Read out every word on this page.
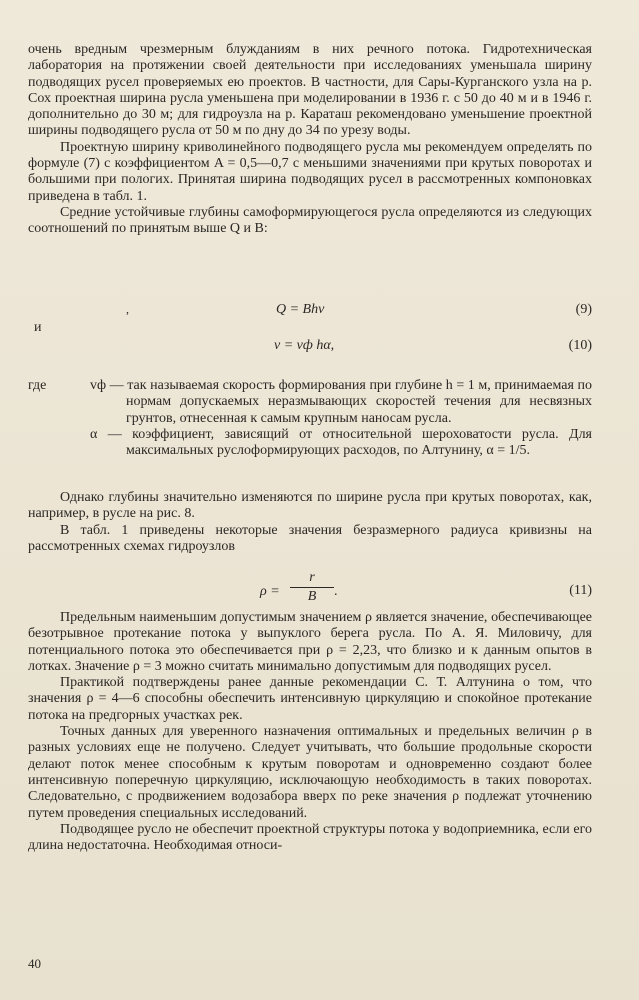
очень вредным чрезмерным блужданиям в них речного потока. Гидротехническая лаборатория на протяжении своей деятельности при исследованиях уменьшала ширину подводящих русел проверяемых ею проектов. В частности, для Сары-Курганского узла на р. Сох проектная ширина русла уменьшена при моделировании в 1936 г. с 50 до 40 м и в 1946 г. дополнительно до 30 м; для гидроузла на р. Караташ рекомендовано уменьшение проектной ширины подводящего русла от 50 м по дну до 34 по урезу воды.

Проектную ширину криволинейного подводящего русла мы рекомендуем определять по формуле (7) с коэффициентом A = 0,5—0,7 с меньшими значениями при крутых поворотах и большими при пологих. Принятая ширина подводящих русел в рассмотренных компоновках приведена в табл. 1.

Средние устойчивые глубины самоформирующегося русла определяются из следующих соотношений по принятым выше Q и B:

,	Q = Bhv	(9)
и
v = vф hα,	(10)
где	vф — так называемая скорость формирования при глубине h = 1 м, принимаемая по нормам допускаемых неразмывающих скоростей течения для несвязных грунтов, отнесенная к самым крупным наносам русла.
α — коэффициент, зависящий от относительной шероховатости русла. Для максимальных руслоформирующих расходов, по Алтунину, α = 1/5.

Однако глубины значительно изменяются по ширине русла при крутых поворотах, как, например, в русле на рис. 8.

В табл. 1 приведены некоторые значения безразмерного радиуса кривизны на рассмотренных схемах гидроузлов

ρ =
r
B	.	(11)

Предельным наименьшим допустимым значением ρ является значение, обеспечивающее безотрывное протекание потока у выпуклого берега русла. По А. Я. Миловичу, для потенциального потока это обеспечивается при ρ = 2,23, что близко и к данным опытов в лотках. Значение ρ = 3 можно считать минимально допустимым для подводящих русел.

Практикой подтверждены ранее данные рекомендации С. Т. Алтунина о том, что значения ρ = 4—6 способны обеспечить интенсивную циркуляцию и спокойное протекание потока на предгорных участках рек.

Точных данных для уверенного назначения оптимальных и предельных величин ρ в разных условиях еще не получено. Следует учитывать, что большие продольные скорости делают поток менее способным к крутым поворотам и одновременно создают более интенсивную поперечную циркуляцию, исключающую необходимость в таких поворотах. Следовательно, с продвижением водозабора вверх по реке значения ρ подлежат уточнению путем проведения специальных исследований.

Подводящее русло не обеспечит проектной структуры потока у водоприемника, если его длина недостаточна. Необходимая относи-

40
